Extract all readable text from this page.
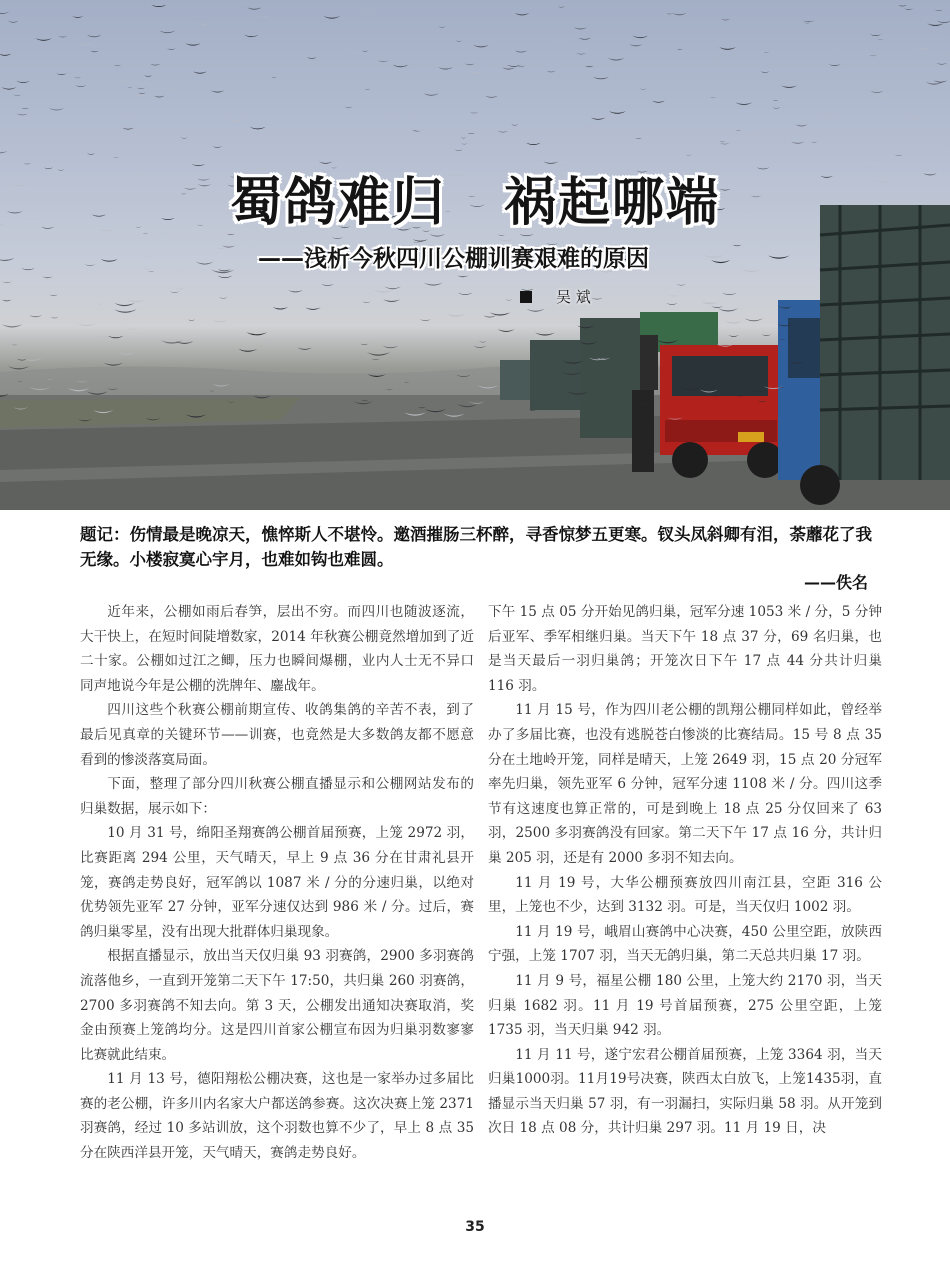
蜀鸽难归 祸起哪端
——浅析今秋四川公棚训赛艰难的原因
吴 斌
题记：伤情最是晚凉天，憔悴斯人不堪怜。邀酒摧肠三杯醉，寻香惊梦五更寒。钗头凤斜卿有泪，荼蘼花了我无缘。小楼寂寞心宇月，也难如钩也难圆。
——佚名

近年来，公棚如雨后春笋，层出不穷。而四川也随波逐流，大干快上，在短时间陡增数家，2014 年秋赛公棚竟然增加到了近二十家。公棚如过江之鲫，压力也瞬间爆棚，业内人士无不异口同声地说今年是公棚的洗牌年、鏖战年。

四川这些个秋赛公棚前期宣传、收鸽集鸽的辛苦不表，到了最后见真章的关键环节——训赛，也竟然是大多数鸽友都不愿意看到的惨淡落寞局面。

下面，整理了部分四川秋赛公棚直播显示和公棚网站发布的归巢数据，展示如下：

10 月 31 号，绵阳圣翔赛鸽公棚首届预赛，上笼 2972 羽，比赛距离 294 公里，天气晴天，早上 9 点 36 分在甘肃礼县开笼，赛鸽走势良好，冠军鸽以 1087 米 / 分的分速归巢，以绝对优势领先亚军 27 分钟，亚军分速仅达到 986 米 / 分。过后，赛鸽归巢零星，没有出现大批群体归巢现象。

根据直播显示，放出当天仅归巢 93 羽赛鸽，2900 多羽赛鸽流落他乡，一直到开笼第二天下午 17:50，共归巢 260 羽赛鸽，2700 多羽赛鸽不知去向。第 3 天，公棚发出通知决赛取消，奖金由预赛上笼鸽均分。这是四川首家公棚宣布因为归巢羽数寥寥比赛就此结束。

11 月 13 号，德阳翔松公棚决赛，这也是一家举办过多届比赛的老公棚，许多川内名家大户都送鸽参赛。这次决赛上笼 2371 羽赛鸽，经过 10 多站训放，这个羽数也算不少了，早上 8 点 35 分在陕西洋县开笼，天气晴天，赛鸽走势良好。

下午 15 点 05 分开始见鸽归巢，冠军分速 1053 米 / 分，5 分钟后亚军、季军相继归巢。当天下午 18 点 37 分，69 名归巢，也是当天最后一羽归巢鸽；开笼次日下午 17 点 44 分共计归巢 116 羽。

11 月 15 号，作为四川老公棚的凯翔公棚同样如此，曾经举办了多届比赛，也没有逃脱苍白惨淡的比赛结局。15 号 8 点 35 分在土地岭开笼，同样是晴天，上笼 2649 羽，15 点 20 分冠军率先归巢，领先亚军 6 分钟，冠军分速 1108 米 / 分。四川这季节有这速度也算正常的，可是到晚上 18 点 25 分仅回来了 63 羽，2500 多羽赛鸽没有回家。第二天下午 17 点 16 分，共计归巢 205 羽，还是有 2000 多羽不知去向。

11 月 19 号，大华公棚预赛放四川南江县，空距 316 公里，上笼也不少，达到 3132 羽。可是，当天仅归 1002 羽。

11 月 19 号，峨眉山赛鸽中心决赛，450 公里空距，放陕西宁强，上笼 1707 羽，当天无鸽归巢，第二天总共归巢 17 羽。

11 月 9 号，福星公棚 180 公里，上笼大约 2170 羽，当天归巢 1682 羽。11 月 19 号首届预赛，275 公里空距，上笼 1735 羽，当天归巢 942 羽。

11 月 11 号，遂宁宏君公棚首届预赛，上笼 3364 羽，当天归巢1000羽。11月19号决赛，陕西太白放飞，上笼1435羽，直播显示当天归巢 57 羽，有一羽漏扫，实际归巢 58 羽。从开笼到次日 18 点 08 分，共计归巢 297 羽。11 月 19 日，决

35
